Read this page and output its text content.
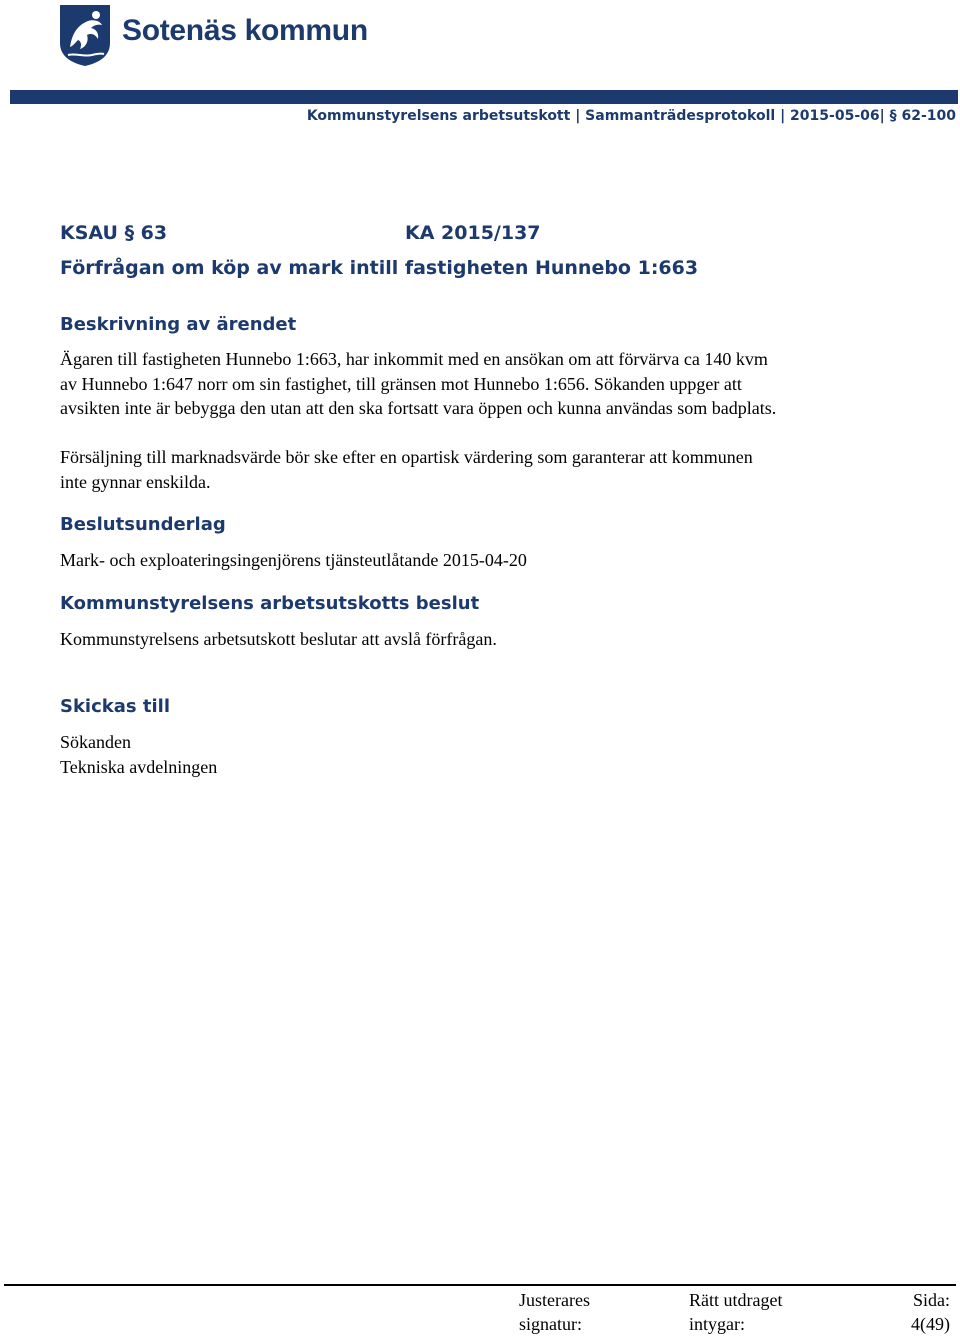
Sotenäs kommun
Kommunstyrelsens arbetsutskott | Sammanträdesprotokoll | 2015-05-06| § 62-100
KSAU § 63	KA 2015/137
Förfrågan om köp av mark intill fastigheten Hunnebo 1:663
Beskrivning av ärendet
Ägaren till fastigheten Hunnebo 1:663, har inkommit med en ansökan om att förvärva ca 140 kvm
av Hunnebo 1:647 norr om sin fastighet, till gränsen mot Hunnebo 1:656. Sökanden uppger att
avsikten inte är bebygga den utan att den ska fortsatt vara öppen och kunna användas som badplats.
Försäljning till marknadsvärde bör ske efter en opartisk värdering som garanterar att kommunen
inte gynnar enskilda.
Beslutsunderlag
Mark- och exploateringsingenjörens tjänsteutlåtande 2015-04-20
Kommunstyrelsens arbetsutskotts beslut
Kommunstyrelsens arbetsutskott beslutar att avslå förfrågan.
Skickas till
Sökanden
Tekniska avdelningen
Justerares
signatur:
Rätt utdraget
intygar:
Sida:
4(49)
